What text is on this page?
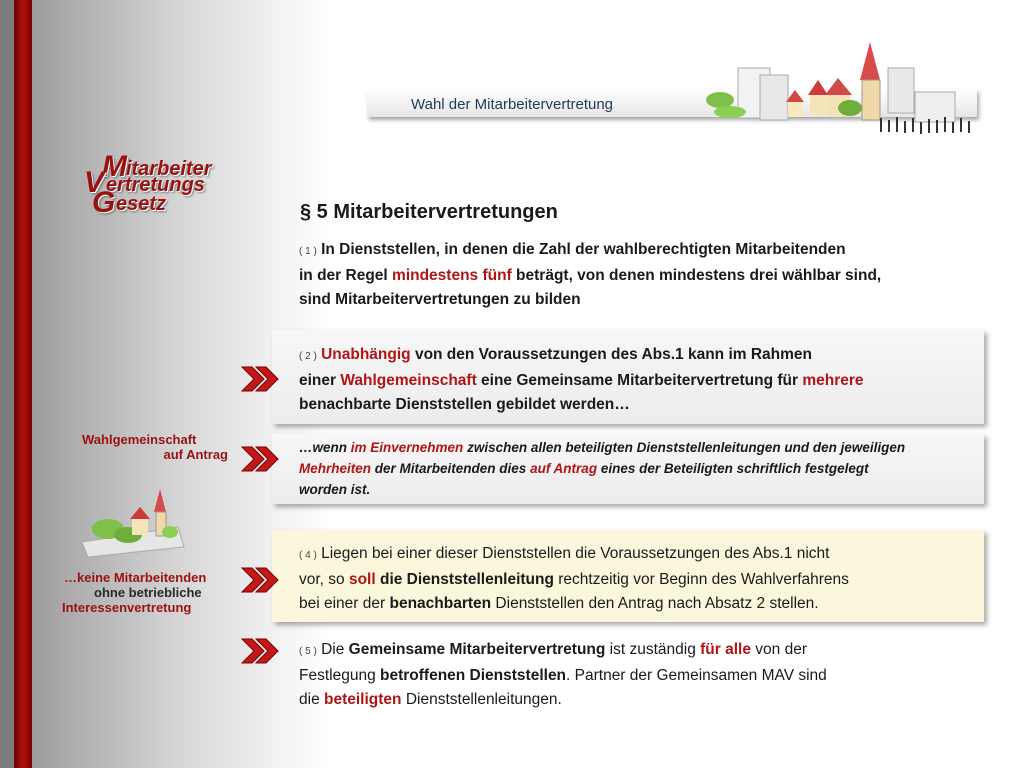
Wahl der Mitarbeitervertretung
M itarbeiter
V ertretungs
G esetz	§ 5 Mitarbeitervertretungen
( 1 ) In Dienststellen, in denen die Zahl der wahlberechtigten Mitarbeitenden
in der Regel mindestens fünf beträgt, von denen mindestens drei wählbar sind,
sind Mitarbeitervertretungen zu bilden
( 2 ) Unabhängig von den Voraussetzungen des Abs.1 kann im Rahmen
einer Wahlgemeinschaft eine Gemeinsame Mitarbeitervertretung für mehrere
benachbarte Dienststellen gebildet werden…
…wenn im Einvernehmen zwischen allen beteiligten Dienststellenleitungen und den jeweiligen
Mehrheiten der Mitarbeitenden dies auf Antrag eines der Beteiligten schriftlich festgelegt
worden ist.
( 4 ) Liegen bei einer dieser Dienststellen die Voraussetzungen des Abs.1 nicht
vor, so soll die Dienststellenleitung rechtzeitig vor Beginn des Wahlverfahrens
bei einer der benachbarten Dienststellen den Antrag nach Absatz 2 stellen.
( 5 ) Die Gemeinsame Mitarbeitervertretung ist zuständig für alle von der
Festlegung betroffenen Dienststellen. Partner der Gemeinsamen MAV sind
die beteiligten Dienststellenleitungen.
Wahlgemeinschaft
auf Antrag
…keine Mitarbeitenden
ohne betriebliche
Interessenvertretung
